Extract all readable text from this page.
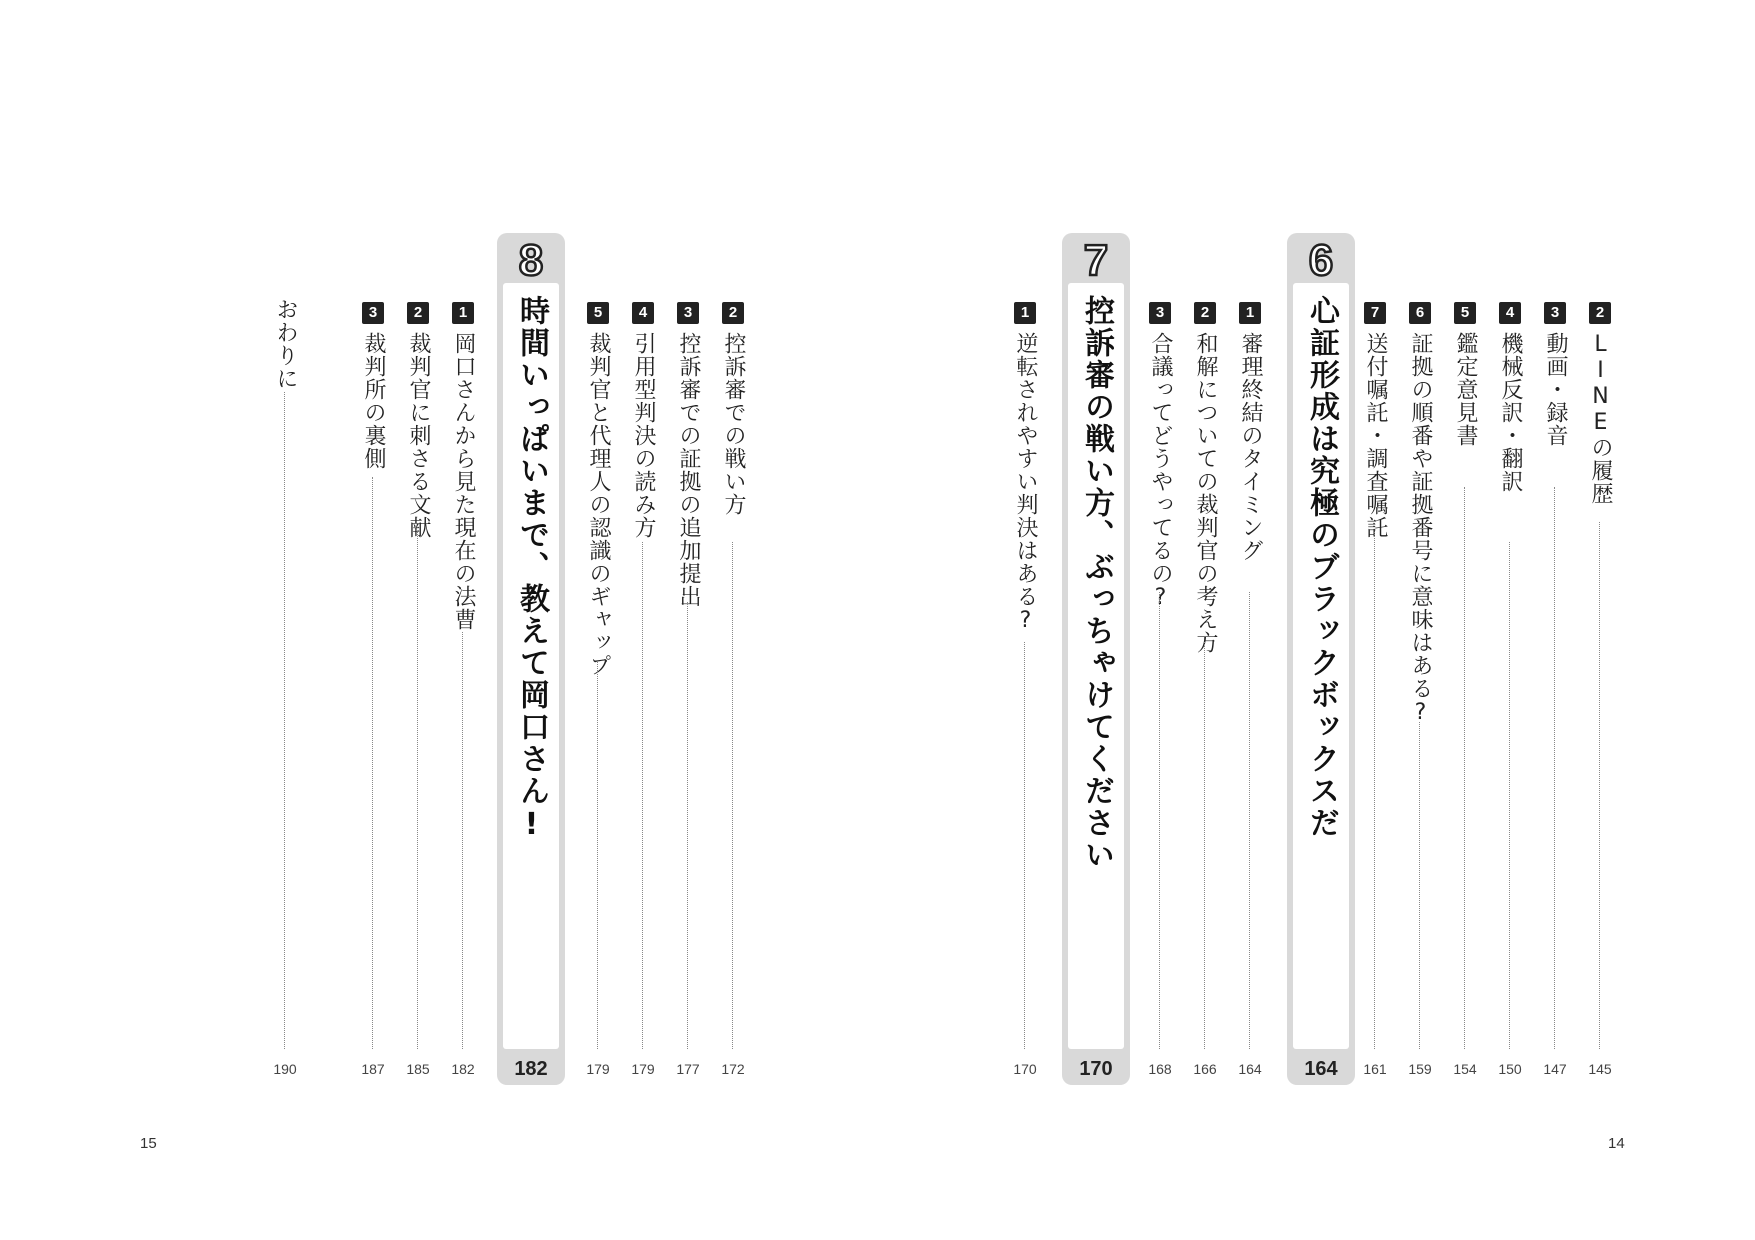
2
LINEの履歴
145
3
動画・録音
147
4
機械反訳・翻訳
150
5
鑑定意見書
154
6
証拠の順番や証拠番号に意味はある?
159
7
送付嘱託・調査嘱託
161
6
心証形成は究極のブラックボックスだ
164
1
審理終結のタイミング
164
2
和解についての裁判官の考え方
166
3
合議ってどうやってるの?
168
7
控訴審の戦い方、ぶっちゃけてください
170
1
逆転されやすい判決はある?
170
14
2
控訴審での戦い方
172
3
控訴審での証拠の追加提出
177
4
引用型判決の読み方
179
5
裁判官と代理人の認識のギャップ
179
8
時間いっぱいまで、教えて岡口さん!
182
1
岡口さんから見た現在の法曹
182
2
裁判官に刺さる文献
185
3
裁判所の裏側
187
おわりに
190
15
